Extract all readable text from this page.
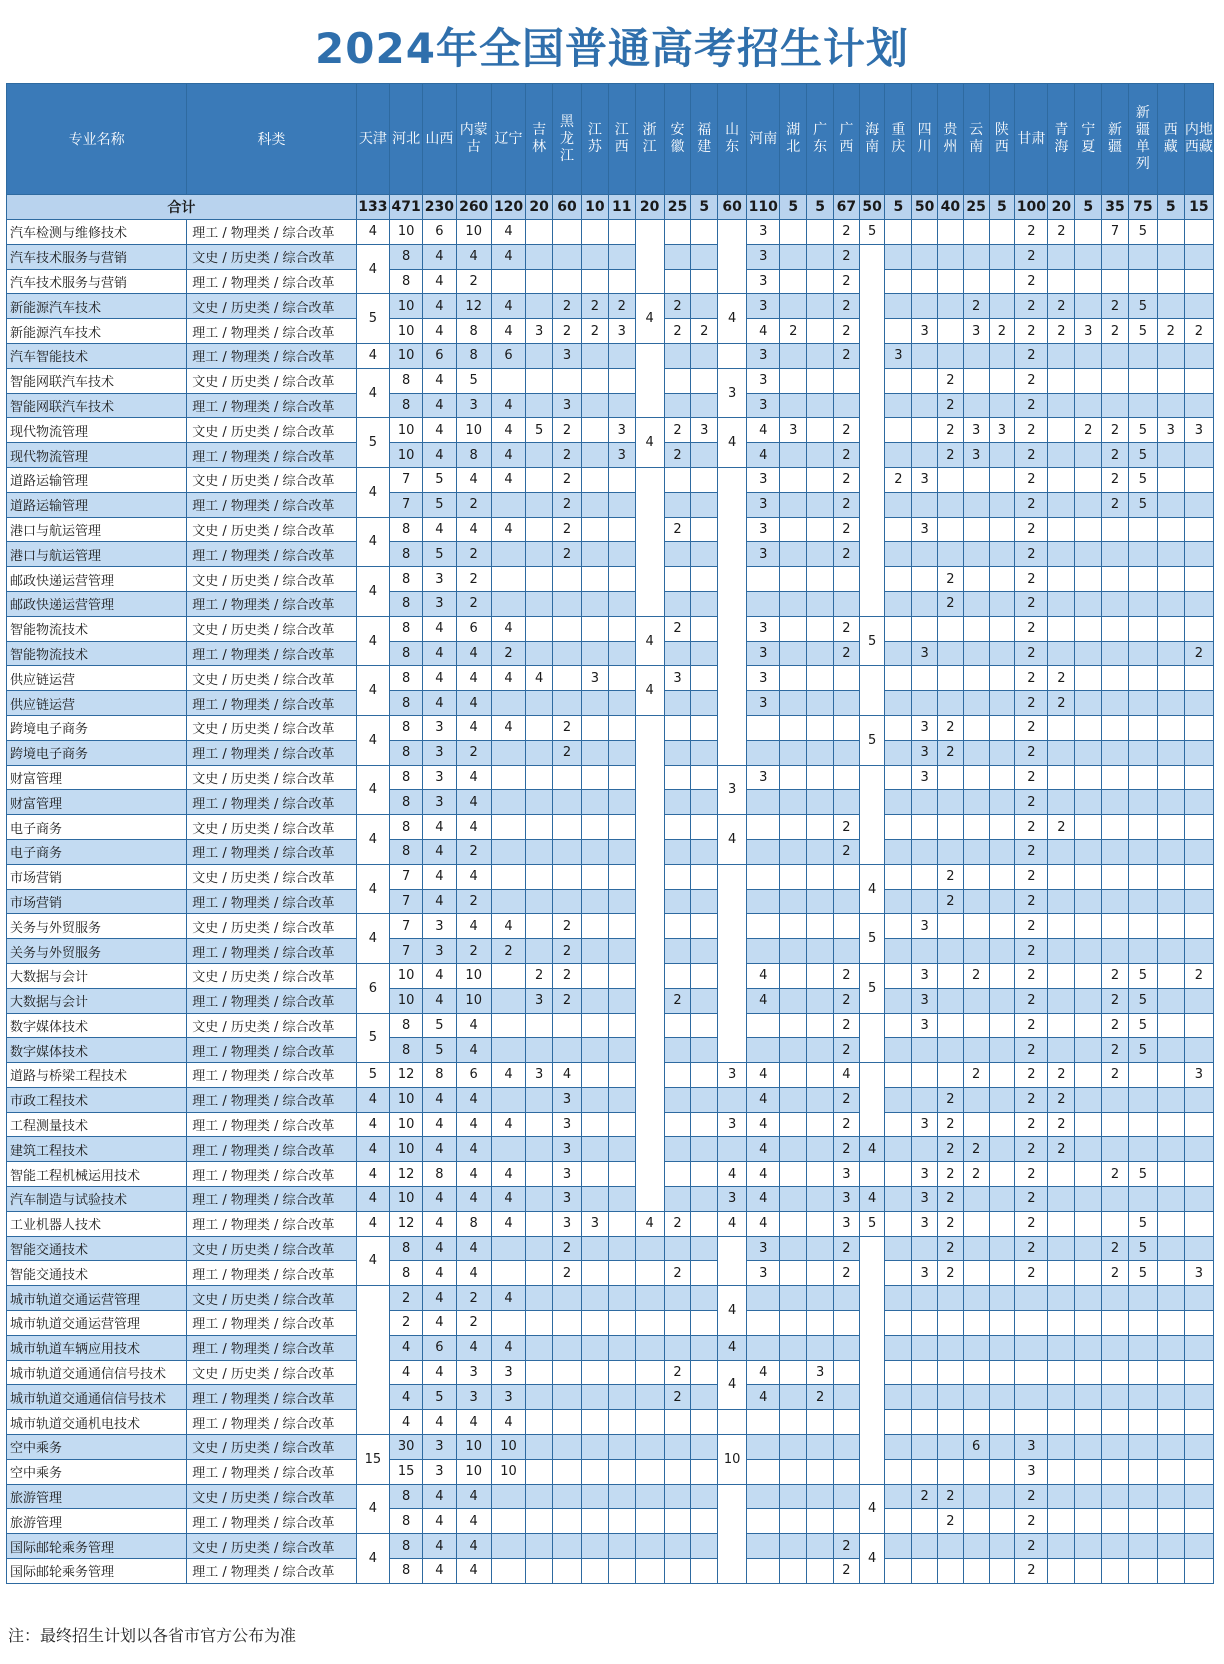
2024年全国普通高考招生计划
专业名称	科类	天津	河北	山西	内蒙古	辽宁	吉林	黑龙江	江苏	江西	浙江	安徽	福建	山东	河南	湖北	广东	广西	海南	重庆	四川	贵州	云南	陕西	甘肃	青海	宁夏	新疆	新疆单列	西藏	内地西藏
合计		133	471	230	260	120	20	60	10	11	20	25	5	60	110	5	5	67	50	5	50	40	25	5	100	20	5	35	75	5	15
汽车检测与维修技术	理工 / 物理类 / 综合改革	4	10	6	10	4									3			2	5						2	2		7	5		
汽车技术服务与营销	文史 / 历史类 / 综合改革	4	8	4	4	4									3			2							2						
汽车技术服务与营销	理工 / 物理类 / 综合改革		8	4	2										3			2							2						
新能源汽车技术	文史 / 历史类 / 综合改革	5	10	4	12	4		2	2	2	4	2		4	3			2					2		2	2		2	5		
新能源汽车技术	理工 / 物理类 / 综合改革		10	4	8	4	3	2	2	3		2	2		4	2		2			3		3	2	2	2	3	2	5	2	2
汽车智能技术	理工 / 物理类 / 综合改革	4	10	6	8	6		3							3			2		3					2						
智能网联汽车技术	文史 / 历史类 / 综合改革	4	8	4	5									3	3							2			2						
智能网联汽车技术	理工 / 物理类 / 综合改革		8	4	3	4		3							3							2			2						
现代物流管理	文史 / 历史类 / 综合改革	5	10	4	10	4	5	2		3	4	2	3	4	4	3		2				2	3	3	2		2	2	5	3	3
现代物流管理	理工 / 物理类 / 综合改革		10	4	8	4		2		3		2			4			2				2	3		2			2	5		
道路运输管理	文史 / 历史类 / 综合改革	4	7	5	4	4		2							3			2		2	3				2			2	5		
道路运输管理	理工 / 物理类 / 综合改革		7	5	2			2							3			2							2			2	5		
港口与航运管理	文史 / 历史类 / 综合改革	4	8	4	4	4		2				2			3			2			3				2						
港口与航运管理	理工 / 物理类 / 综合改革		8	5	2			2							3			2							2						
邮政快递运营管理	文史 / 历史类 / 综合改革	4	8	3	2																	2			2						
邮政快递运营管理	理工 / 物理类 / 综合改革		8	3	2																	2			2						
智能物流技术	文史 / 历史类 / 综合改革	4	8	4	6	4					4	2			3			2	5						2						
智能物流技术	理工 / 物理类 / 综合改革		8	4	4	2									3			2			3				2						2
供应链运营	文史 / 历史类 / 综合改革	4	8	4	4	4	4		3		4	3			3										2	2					
供应链运营	理工 / 物理类 / 综合改革		8	4	4										3										2	2					
跨境电子商务	文史 / 历史类 / 综合改革	4	8	3	4	4		2											5		3	2			2						
跨境电子商务	理工 / 物理类 / 综合改革		8	3	2			2													3	2			2						
财富管理	文史 / 历史类 / 综合改革	4	8	3	4									3	3						3				2						
财富管理	理工 / 物理类 / 综合改革		8	3	4																				2						
电子商务	文史 / 历史类 / 综合改革	4	8	4	4									4				2							2	2					
电子商务	理工 / 物理类 / 综合改革		8	4	2													2							2						
市场营销	文史 / 历史类 / 综合改革	4	7	4	4														4			2			2						
市场营销	理工 / 物理类 / 综合改革		7	4	2																	2			2						
关务与外贸服务	文史 / 历史类 / 综合改革	4	7	3	4	4		2											5		3				2						
关务与外贸服务	理工 / 物理类 / 综合改革		7	3	2	2		2																	2						
大数据与会计	文史 / 历史类 / 综合改革	6	10	4	10		2	2							4			2	5		3		2		2			2	5		2
大数据与会计	理工 / 物理类 / 综合改革		10	4	10		3	2				2			4			2			3				2			2	5		
数字媒体技术	文史 / 历史类 / 综合改革	5	8	5	4													2			3				2			2	5		
数字媒体技术	理工 / 物理类 / 综合改革		8	5	4													2							2			2	5		
道路与桥梁工程技术	理工 / 物理类 / 综合改革	5	12	8	6	4	3	4						3	4			4					2		2	2		2			3
市政工程技术	理工 / 物理类 / 综合改革	4	10	4	4			3							4			2				2			2	2					
工程测量技术	理工 / 物理类 / 综合改革	4	10	4	4	4		3						3	4			2			3	2			2	2					
建筑工程技术	理工 / 物理类 / 综合改革	4	10	4	4			3							4			2	4			2	2		2	2					
智能工程机械运用技术	理工 / 物理类 / 综合改革	4	12	8	4	4		3						4	4			3			3	2	2		2			2	5		
汽车制造与试验技术	理工 / 物理类 / 综合改革	4	10	4	4	4		3						3	4			3	4		3	2			2						
工业机器人技术	理工 / 物理类 / 综合改革	4	12	4	8	4		3	3		4	2		4	4			3	5		3	2			2				5		
智能交通技术	文史 / 历史类 / 综合改革	4	8	4	4			2							3			2				2			2			2	5		
智能交通技术	理工 / 物理类 / 综合改革		8	4	4			2				2			3			2			3	2			2			2	5		3
城市轨道交通运营管理	文史 / 历史类 / 综合改革		2	4	2	4								4																	
城市轨道交通运营管理	理工 / 物理类 / 综合改革		2	4	2																										
城市轨道车辆应用技术	理工 / 物理类 / 综合改革		4	6	4	4								4																	
城市轨道交通通信信号技术	文史 / 历史类 / 综合改革		4	4	3	3						2		4	4		3														
城市轨道交通通信信号技术	理工 / 物理类 / 综合改革		4	5	3	3						2			4		2														
城市轨道交通机电技术	理工 / 物理类 / 综合改革		4	4	4	4																									
空中乘务	文史 / 历史类 / 综合改革	15	30	3	10	10								10									6		3						
空中乘务	理工 / 物理类 / 综合改革		15	3	10	10																			3						
旅游管理	文史 / 历史类 / 综合改革	4	8	4	4														4		2	2			2						
旅游管理	理工 / 物理类 / 综合改革		8	4	4																	2			2						
国际邮轮乘务管理	文史 / 历史类 / 综合改革	4	8	4	4													2	4						2						
国际邮轮乘务管理	理工 / 物理类 / 综合改革		8	4	4													2							2						
注：最终招生计划以各省市官方公布为准
